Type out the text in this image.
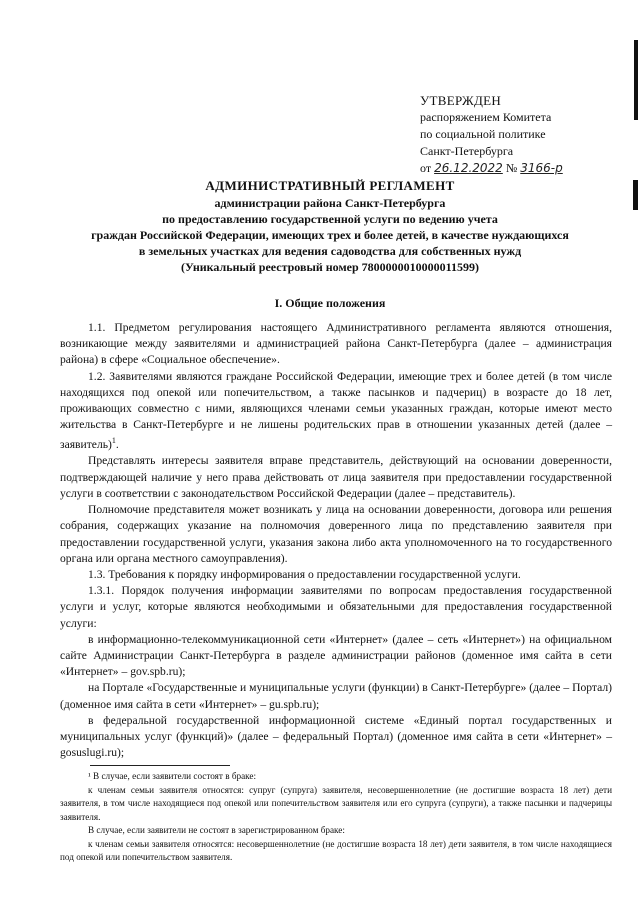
УТВЕРЖДЕН
распоряжением Комитета
по социальной политике
Санкт-Петербурга
от 26.12.2022 № 3166-р
АДМИНИСТРАТИВНЫЙ РЕГЛАМЕНТ
администрации района Санкт-Петербурга
по предоставлению государственной услуги по ведению учета
граждан Российской Федерации, имеющих трех и более детей, в качестве нуждающихся
в земельных участках для ведения садоводства для собственных нужд
(Уникальный реестровый номер 7800000010000011599)
I. Общие положения

1.1. Предметом регулирования настоящего Административного регламента являются отношения, возникающие между заявителями и администрацией района Санкт-Петербурга (далее – администрация района) в сфере «Социальное обеспечение».

1.2. Заявителями являются граждане Российской Федерации, имеющие трех и более детей (в том числе находящихся под опекой или попечительством, а также пасынков и падчериц) в возрасте до 18 лет, проживающих совместно с ними, являющихся членами семьи указанных граждан, которые имеют место жительства в Санкт-Петербурге и не лишены родительских прав в отношении указанных детей (далее – заявитель)$^1$.

Представлять интересы заявителя вправе представитель, действующий на основании доверенности, подтверждающей наличие у него права действовать от лица заявителя при предоставлении государственной услуги в соответствии с законодательством Российской Федерации (далее – представитель).

Полномочие представителя может возникать у лица на основании доверенности, договора или решения собрания, содержащих указание на полномочия доверенного лица по представлению заявителя при предоставлении государственной услуги, указания закона либо акта уполномоченного на то государственного органа или органа местного самоуправления).

1.3. Требования к порядку информирования о предоставлении государственной услуги.

1.3.1. Порядок получения информации заявителями по вопросам предоставления государственной услуги и услуг, которые являются необходимыми и обязательными для предоставления государственной услуги:

в информационно-телекоммуникационной сети «Интернет» (далее – сеть «Интернет») на официальном сайте Администрации Санкт-Петербурга в разделе администрации районов (доменное имя сайта в сети «Интернет» – gov.spb.ru);

на Портале «Государственные и муниципальные услуги (функции) в Санкт-Петербурге» (далее – Портал) (доменное имя сайта в сети «Интернет» – gu.spb.ru);

в федеральной государственной информационной системе «Единый портал государственных и муниципальных услуг (функций)» (далее – федеральный Портал) (доменное имя сайта в сети «Интернет» – gosuslugi.ru);

¹ В случае, если заявители состоят в браке:

к членам семьи заявителя относятся: супруг (супруга) заявителя, несовершеннолетние (не достигшие возраста 18 лет) дети заявителя, в том числе находящиеся под опекой или попечительством заявителя или его супруга (супруги), а также пасынки и падчерицы заявителя.

В случае, если заявители не состоят в зарегистрированном браке:

к членам семьи заявителя относятся: несовершеннолетние (не достигшие возраста 18 лет) дети заявителя, в том числе находящиеся под опекой или попечительством заявителя.
